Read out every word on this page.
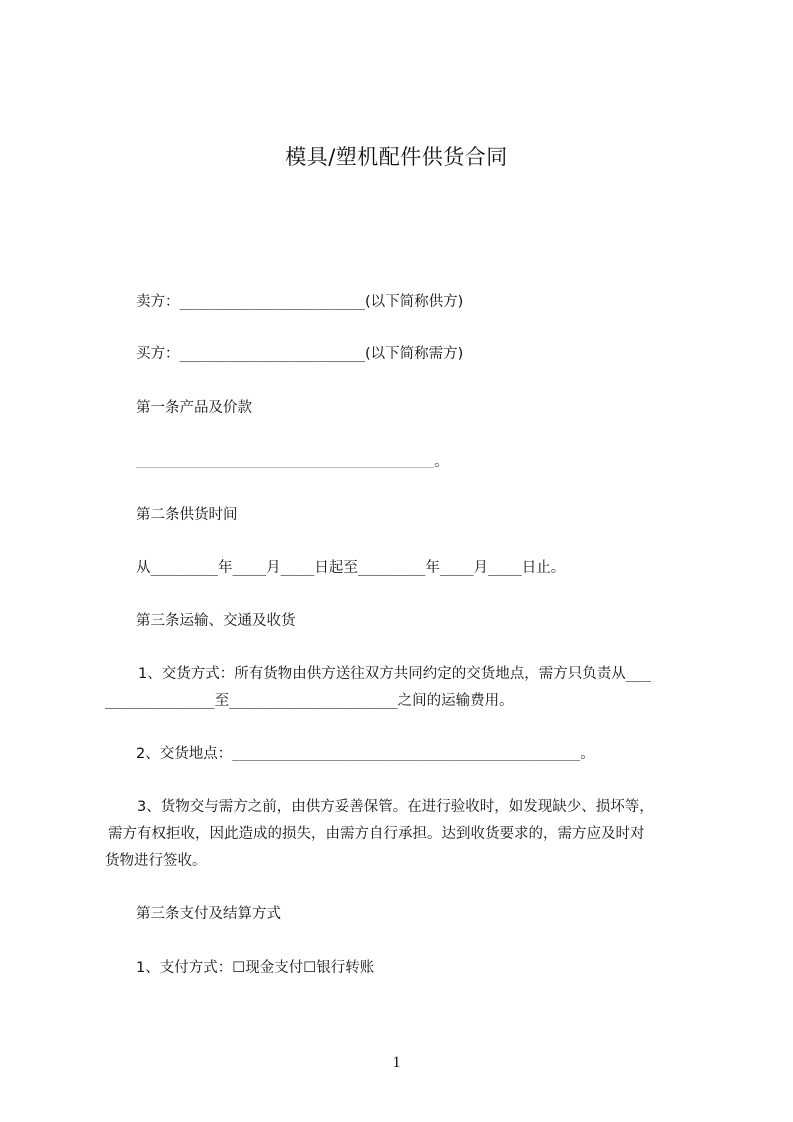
模具/塑机配件供货合同
卖方：______________________(以下简称供方)
买方：______________________(以下简称需方)
第一条产品及价款
___________________________________________________________________。
第二条供货时间
从________年____月____日起至________年____月____日止。
第三条运输、交通及收货
1、交货方式：所有货物由供方送往双方共同约定的交货地点，需方只负责从___
_____________至____________________之间的运输费用。
2、交货地点：_______________________________________________。
3、货物交与需方之前，由供方妥善保管。在进行验收时，如发现缺少、损坏等，
需方有权拒收，因此造成的损失，由需方自行承担。达到收货要求的，需方应及时对
货物进行签收。
第三条支付及结算方式
1、支付方式：☐现金支付☐银行转账
1
